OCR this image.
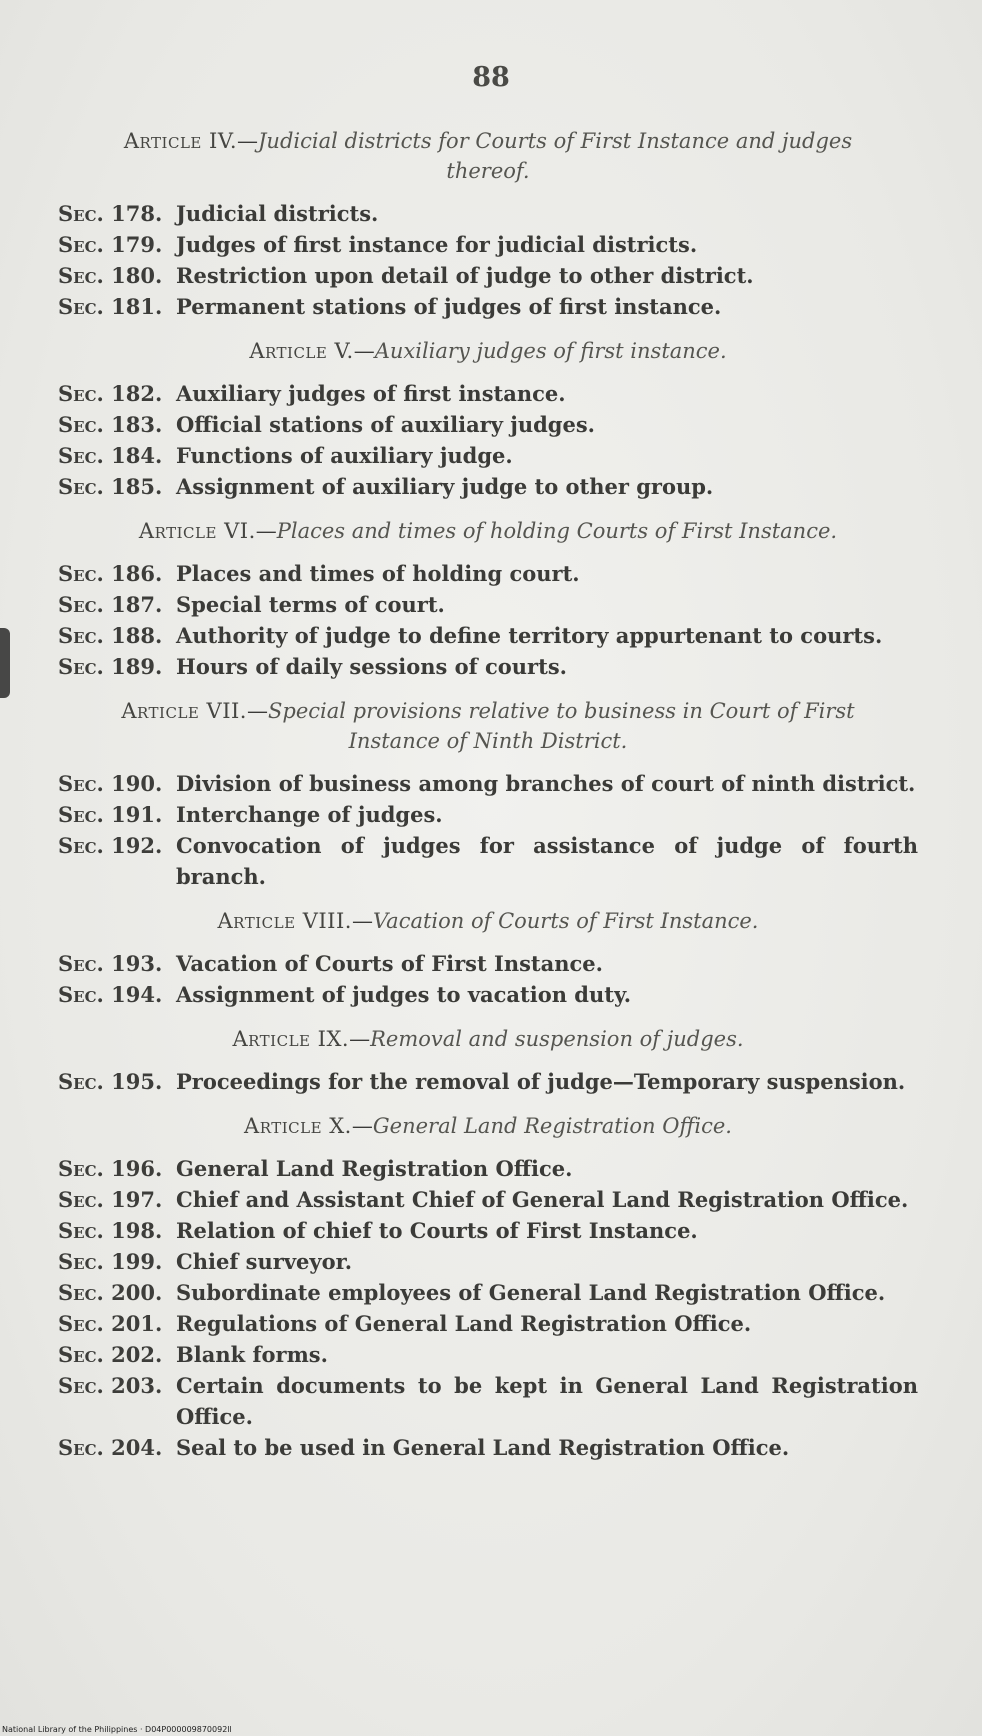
88
Article IV.—Judicial districts for Courts of First Instance and judges thereof.
Sec. 178. Judicial districts.
Sec. 179. Judges of first instance for judicial districts.
Sec. 180. Restriction upon detail of judge to other district.
Sec. 181. Permanent stations of judges of first instance.
Article V.—Auxiliary judges of first instance.
Sec. 182. Auxiliary judges of first instance.
Sec. 183. Official stations of auxiliary judges.
Sec. 184. Functions of auxiliary judge.
Sec. 185. Assignment of auxiliary judge to other group.
Article VI.—Places and times of holding Courts of First Instance.
Sec. 186. Places and times of holding court.
Sec. 187. Special terms of court.
Sec. 188. Authority of judge to define territory appurtenant to courts.
Sec. 189. Hours of daily sessions of courts.
Article VII.—Special provisions relative to business in Court of First Instance of Ninth District.
Sec. 190. Division of business among branches of court of ninth district.
Sec. 191. Interchange of judges.
Sec. 192. Convocation of judges for assistance of judge of fourth branch.
Article VIII.—Vacation of Courts of First Instance.
Sec. 193. Vacation of Courts of First Instance.
Sec. 194. Assignment of judges to vacation duty.
Article IX.—Removal and suspension of judges.
Sec. 195. Proceedings for the removal of judge—Temporary suspension.
Article X.—General Land Registration Office.
Sec. 196. General Land Registration Office.
Sec. 197. Chief and Assistant Chief of General Land Registration Office.
Sec. 198. Relation of chief to Courts of First Instance.
Sec. 199. Chief surveyor.
Sec. 200. Subordinate employees of General Land Registration Office.
Sec. 201. Regulations of General Land Registration Office.
Sec. 202. Blank forms.
Sec. 203. Certain documents to be kept in General Land Registration Office.
Sec. 204. Seal to be used in General Land Registration Office.
National Library of the Philippines · D04P000009870092ll
